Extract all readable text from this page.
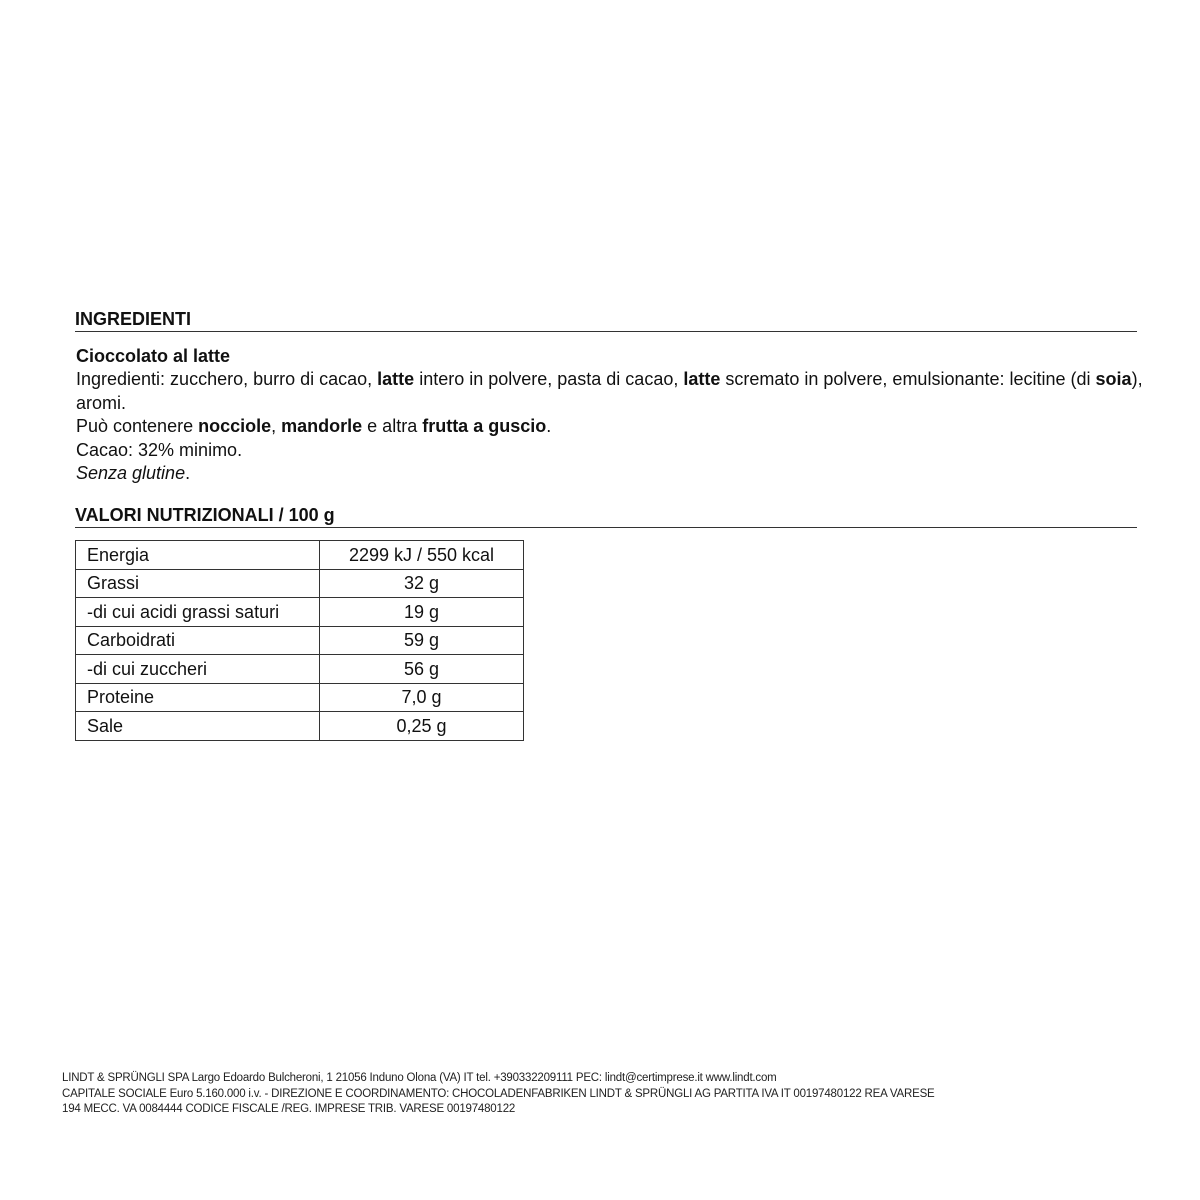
INGREDIENTI

Cioccolato al latte

Ingredienti: zucchero, burro di cacao, latte intero in polvere, pasta di cacao, latte scremato in polvere, emulsionante: lecitine (di soia), aromi.

Può contenere nocciole, mandorle e altra frutta a guscio.

Cacao: 32% minimo.

Senza glutine.

VALORI NUTRIZIONALI / 100 g
Energia	2299 kJ / 550 kcal
Grassi	32 g
-di cui acidi grassi saturi	19 g
Carboidrati	59 g
-di cui zuccheri	56 g
Proteine	7,0 g
Sale	0,25 g
LINDT & SPRÜNGLI SPA Largo Edoardo Bulcheroni, 1 21056 Induno Olona (VA) IT tel. +390332209111 PEC: lindt@certimprese.it www.lindt.com
CAPITALE SOCIALE Euro 5.160.000 i.v. - DIREZIONE E COORDINAMENTO: CHOCOLADENFABRIKEN LINDT & SPRÜNGLI AG PARTITA IVA IT 00197480122 REA VARESE
194 MECC. VA 0084444 CODICE FISCALE /REG. IMPRESE TRIB. VARESE 00197480122
